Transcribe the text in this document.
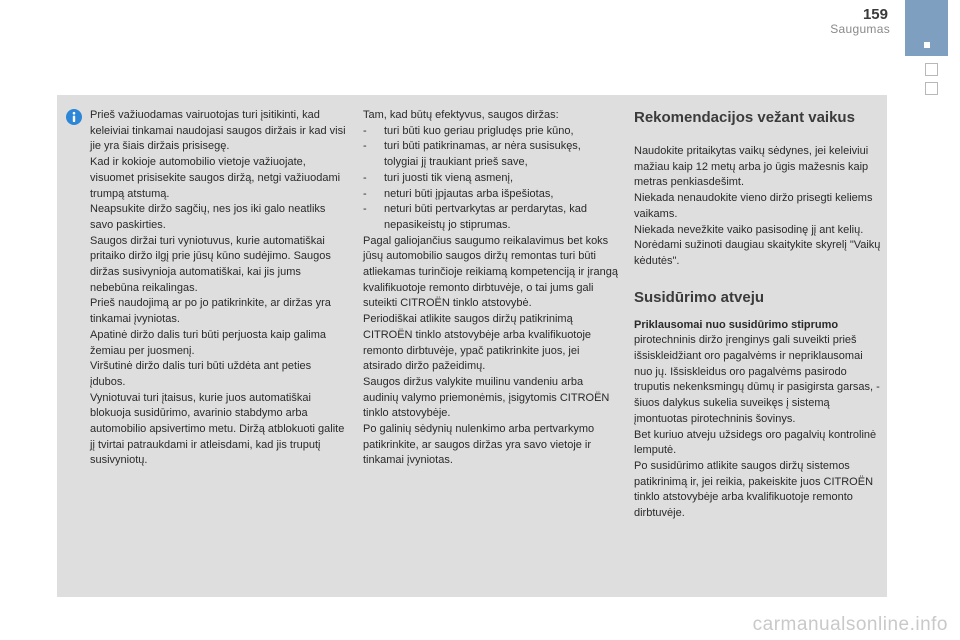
159
Saugumas

Prieš važiuodamas vairuotojas turi įsitikinti, kad keleiviai tinkamai naudojasi saugos diržais ir kad visi jie yra šiais diržais prisisegę.

Kad ir kokioje automobilio vietoje važiuojate, visuomet prisisekite saugos diržą, netgi važiuodami trumpą atstumą.

Neapsukite diržo sagčių, nes jos iki galo neatliks savo paskirties.

Saugos diržai turi vyniotuvus, kurie automatiškai pritaiko diržo ilgį prie jūsų kūno sudėjimo. Saugos diržas susivynioja automatiškai, kai jis jums nebebūna reikalingas.

Prieš naudojimą ar po jo patikrinkite, ar diržas yra tinkamai įvyniotas.

Apatinė diržo dalis turi būti perjuosta kaip galima žemiau per juosmenį.

Viršutinė diržo dalis turi būti uždėta ant peties įdubos.

Vyniotuvai turi įtaisus, kurie juos automatiškai blokuoja susidūrimo, avarinio stabdymo arba automobilio apsivertimo metu. Diržą atblokuoti galite jį tvirtai patraukdami ir atleisdami, kad jis truputį susivyniotų.

Tam, kad būtų efektyvus, saugos diržas:

- turi būti kuo geriau prigludęs prie kūno,
- turi būti patikrinamas, ar nėra susisukęs, tolygiai jį traukiant prieš save,
- turi juosti tik vieną asmenį,
- neturi būti įpjautas arba išpešiotas,
- neturi būti pertvarkytas ar perdarytas, kad nepasikeistų jo stiprumas.

Pagal galiojančius saugumo reikalavimus bet koks jūsų automobilio saugos diržų remontas turi būti atliekamas turinčioje reikiamą kompetenciją ir įrangą kvalifikuotoje remonto dirbtuvėje, o tai jums gali suteikti CITROËN tinklo atstovybė.

Periodiškai atlikite saugos diržų patikrinimą CITROËN tinklo atstovybėje arba kvalifikuotoje remonto dirbtuvėje, ypač patikrinkite juos, jei atsirado diržo pažeidimų.

Saugos diržus valykite muilinu vandeniu arba audinių valymo priemonėmis, įsigytomis CITROËN tinklo atstovybėje.

Po galinių sėdynių nulenkimo arba pertvarkymo patikrinkite, ar saugos diržas yra savo vietoje ir tinkamai įvyniotas.

Rekomendacijos vežant vaikus

Naudokite pritaikytas vaikų sėdynes, jei keleiviui mažiau kaip 12 metų arba jo ūgis mažesnis kaip metras penkiasdešimt.

Niekada nenaudokite vieno diržo prisegti keliems vaikams.

Niekada nevežkite vaiko pasisodinę jį ant kelių.

Norėdami sužinoti daugiau skaitykite skyrelį "Vaikų kėdutės".

Susidūrimo atveju

Priklausomai nuo susidūrimo stiprumo

pirotechninis diržo įrenginys gali suveikti prieš išsiskleidžiant oro pagalvėms ir nepriklausomai nuo jų. Išsiskleidus oro pagalvėms pasirodo truputis nekenksmingų dūmų ir pasigirsta garsas, - šiuos dalykus sukelia suveikęs į sistemą įmontuotas pirotechninis šovinys.

Bet kuriuo atveju užsidegs oro pagalvių kontrolinė lemputė.

Po susidūrimo atlikite saugos diržų sistemos patikrinimą ir, jei reikia, pakeiskite juos CITROËN tinklo atstovybėje arba kvalifikuotoje remonto dirbtuvėje.

carmanualsonline.info
